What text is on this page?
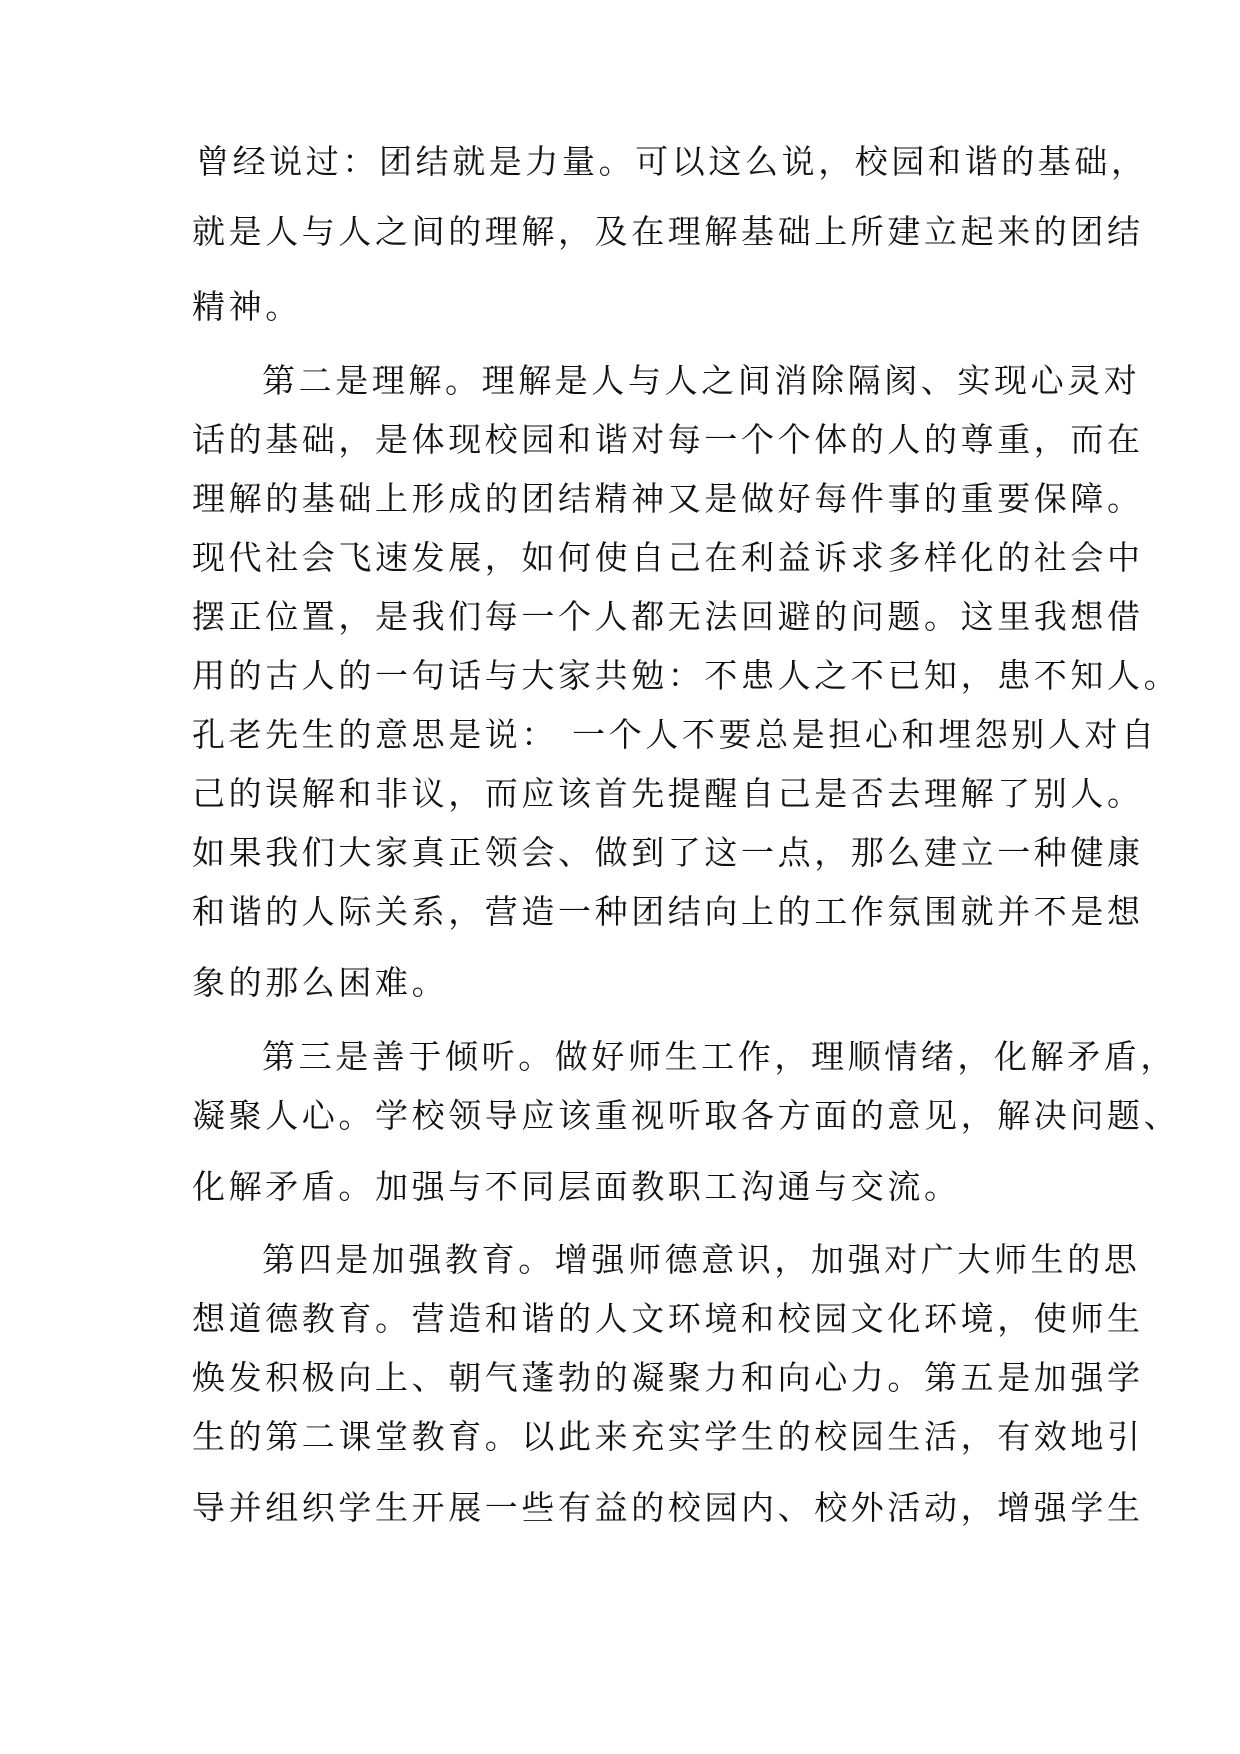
曾经说过：团结就是力量。可以这么说，校园和谐的基础，
就是人与人之间的理解，及在理解基础上所建立起来的团结
精神。
第二是理解。理解是人与人之间消除隔阂、实现心灵对
话的基础，是体现校园和谐对每一个个体的人的尊重，而在
理解的基础上形成的团结精神又是做好每件事的重要保障。
现代社会飞速发展，如何使自己在利益诉求多样化的社会中
摆正位置，是我们每一个人都无法回避的问题。这里我想借
用的古人的一句话与大家共勉：不患人之不已知，患不知人。
孔老先生的意思是说： 一个人不要总是担心和埋怨别人对自
己的误解和非议，而应该首先提醒自己是否去理解了别人。
如果我们大家真正领会、做到了这一点，那么建立一种健康
和谐的人际关系，营造一种团结向上的工作氛围就并不是想
象的那么困难。
第三是善于倾听。做好师生工作，理顺情绪，化解矛盾，
凝聚人心。学校领导应该重视听取各方面的意见，解决问题、
化解矛盾。加强与不同层面教职工沟通与交流。
第四是加强教育。增强师德意识，加强对广大师生的思
想道德教育。营造和谐的人文环境和校园文化环境，使师生
焕发积极向上、朝气蓬勃的凝聚力和向心力。第五是加强学
生的第二课堂教育。以此来充实学生的校园生活，有效地引
导并组织学生开展一些有益的校园内、校外活动，增强学生
